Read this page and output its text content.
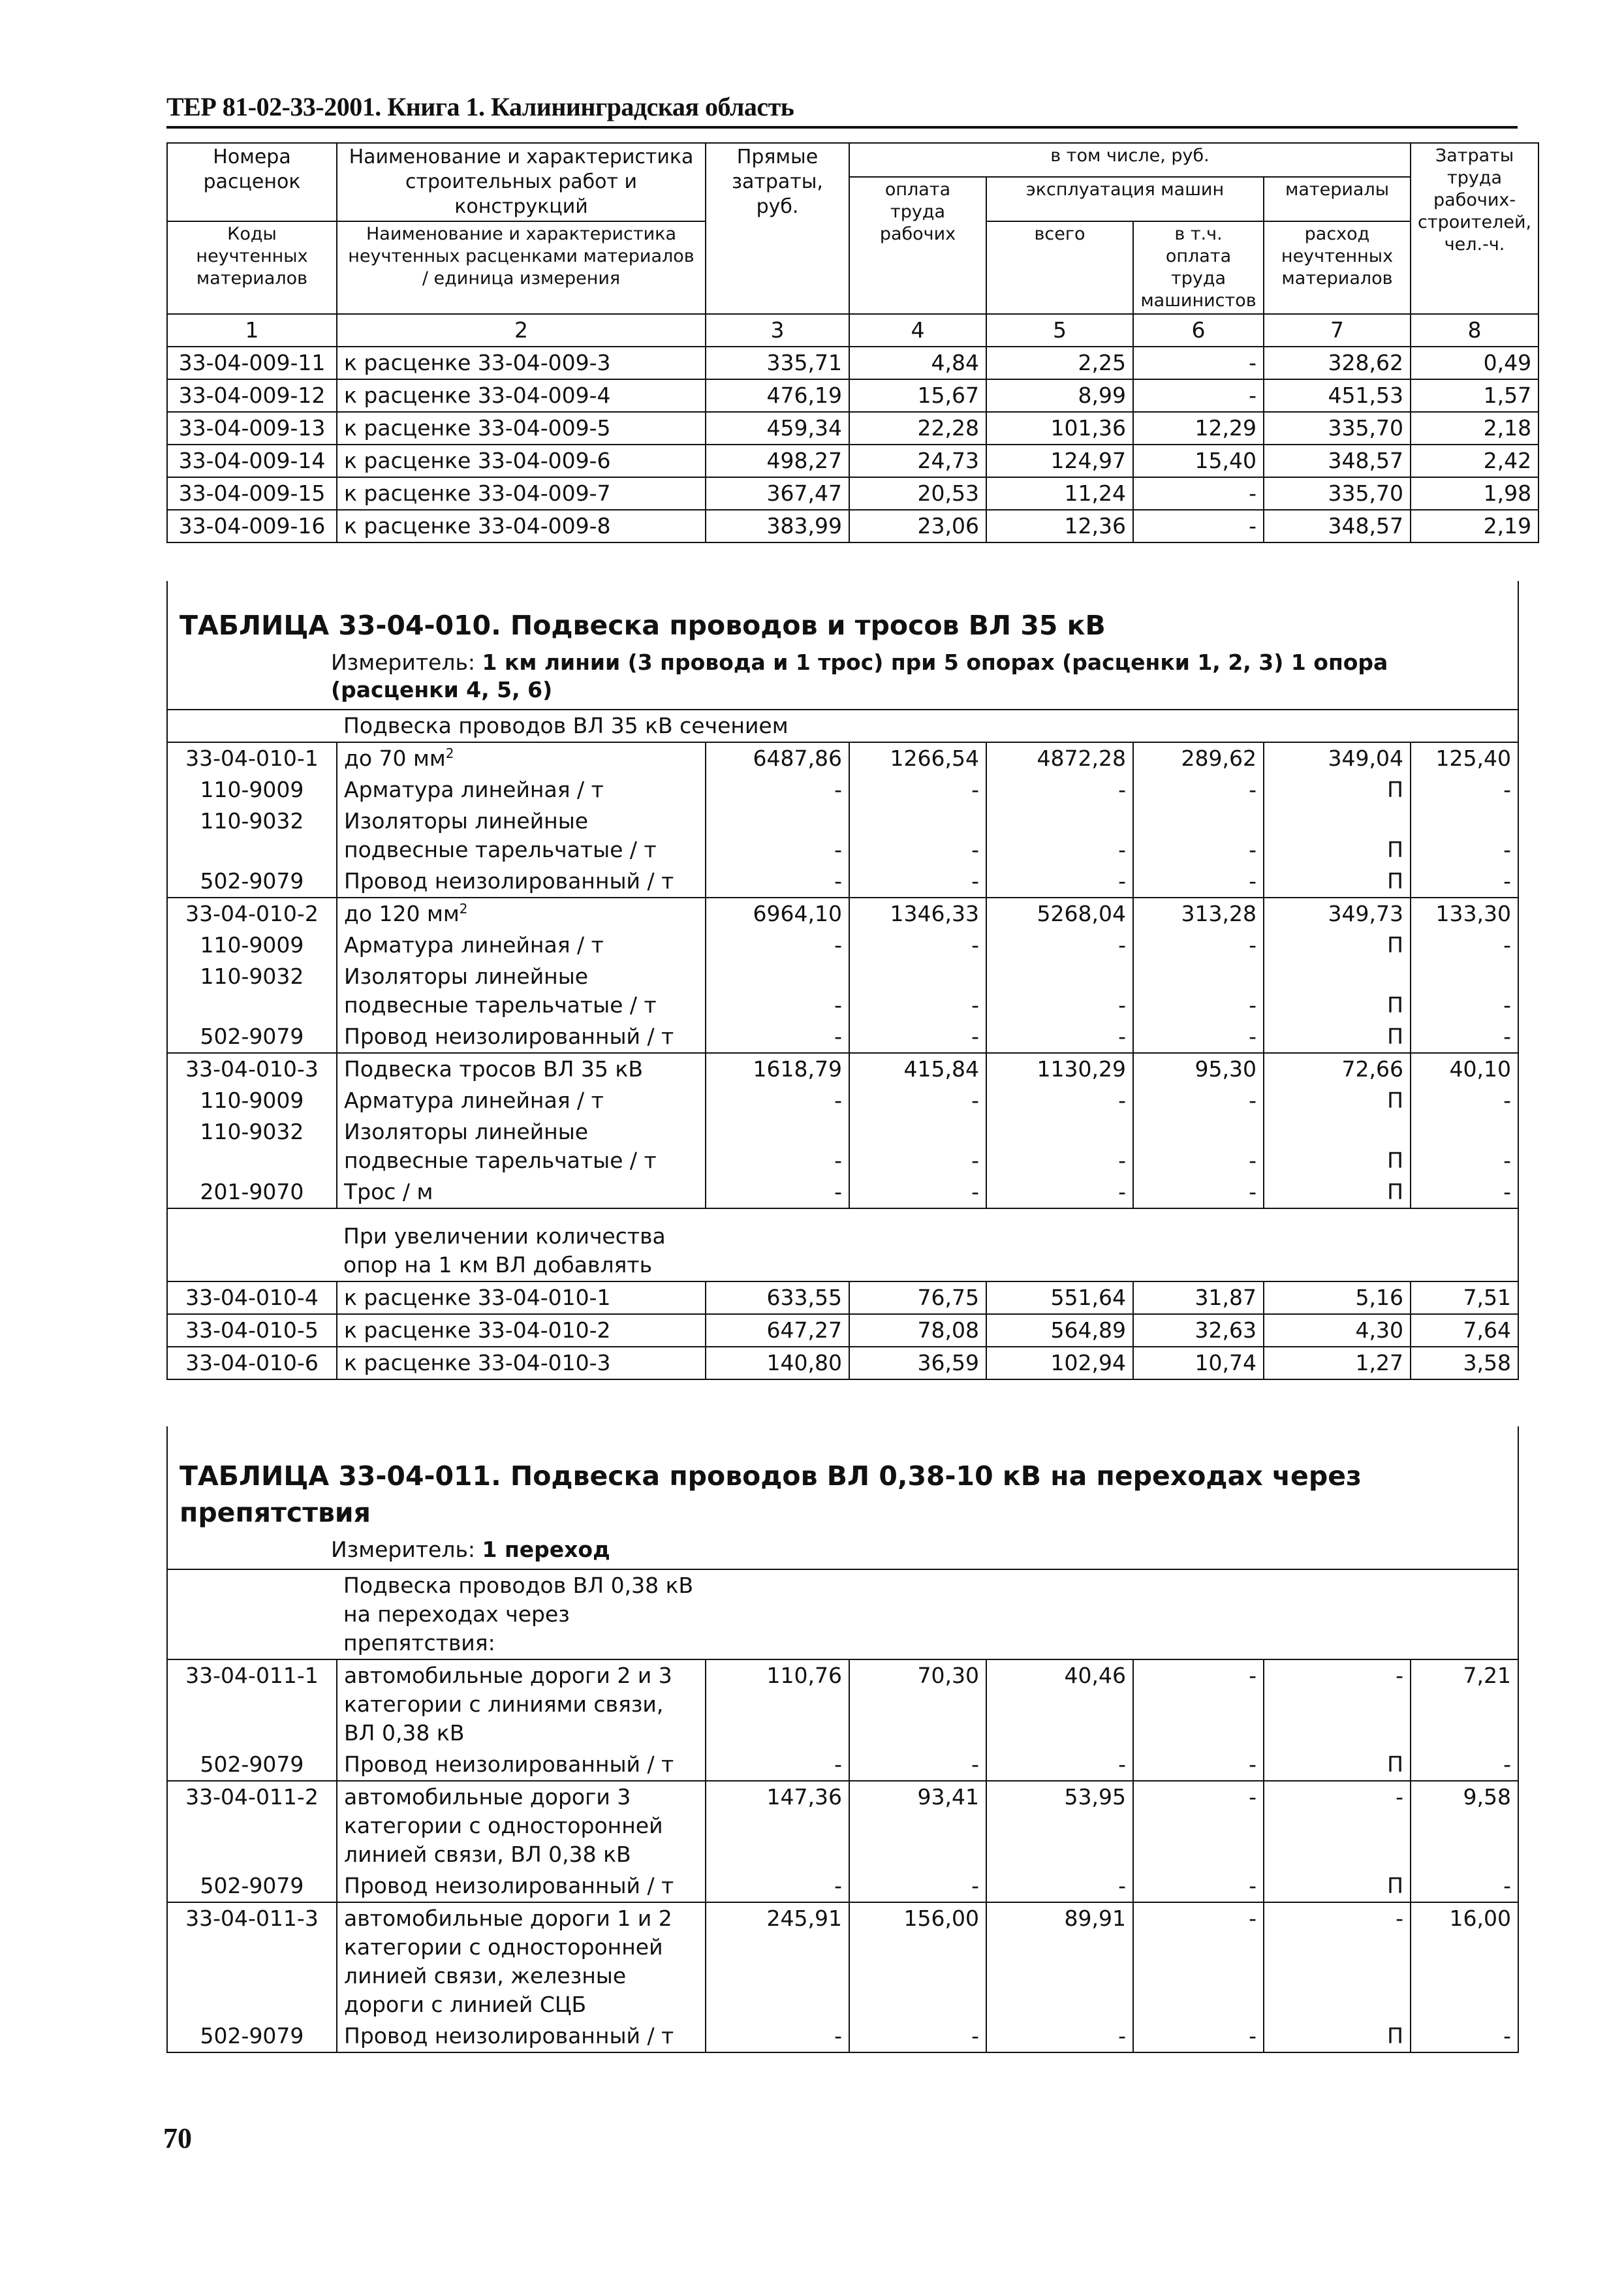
ТЕР 81-02-33-2001. Книга 1. Калининградская область
Номера расценок	Наименование и характеристика строительных работ и конструкций	Прямые затраты, руб.	в том числе, руб.				Затраты труда рабочих-строителей, чел.-ч.
			оплата труда рабочих	эксплуатация машин		материалы	
Коды неучтенных материалов	Наименование и характеристика неучтенных расценками материалов / единица измерения			всего	в т.ч. оплата труда машинистов	расход неучтенных материалов	

1	2	3	4	5	6	7	8
33-04-009-11	к расценке 33-04-009-3	335,71	4,84	2,25	-	328,62	0,49
33-04-009-12	к расценке 33-04-009-4	476,19	15,67	8,99	-	451,53	1,57
33-04-009-13	к расценке 33-04-009-5	459,34	22,28	101,36	12,29	335,70	2,18
33-04-009-14	к расценке 33-04-009-6	498,27	24,73	124,97	15,40	348,57	2,42
33-04-009-15	к расценке 33-04-009-7	367,47	20,53	11,24	-	335,70	1,98
33-04-009-16	к расценке 33-04-009-8	383,99	23,06	12,36	-	348,57	2,19
ТАБЛИЦА 33-04-010. Подвеска проводов и тросов ВЛ 35 кВ
Измеритель: 1 км линии (3 провода и 1 трос) при 5 опорах (расценки 1, 2, 3) 1 опора (расценки 4, 5, 6)							

	Подвеска проводов ВЛ 35 кВ сечением						
33-04-010-1	до 70 $мм^2$	6487,86	1266,54	4872,28	289,62	349,04	125,40
110-9009	Арматура линейная / т	-	-	-	-	П	-
110-9032	Изоляторы линейные подвесные тарельчатые / т	-	-	-	-	П	-
502-9079	Провод неизолированный / т	-	-	-	-	П	-
33-04-010-2	до 120 $мм^2$	6964,10	1346,33	5268,04	313,28	349,73	133,30
110-9009	Арматура линейная / т	-	-	-	-	П	-
110-9032	Изоляторы линейные подвесные тарельчатые / т	-	-	-	-	П	-
502-9079	Провод неизолированный / т	-	-	-	-	П	-
33-04-010-3	Подвеска тросов ВЛ 35 кВ	1618,79	415,84	1130,29	95,30	72,66	40,10
110-9009	Арматура линейная / т	-	-	-	-	П	-
110-9032	Изоляторы линейные подвесные тарельчатые / т	-	-	-	-	П	-
201-9070	Трос / м	-	-	-	-	П	-
	При увеличении количества опор на 1 км ВЛ добавлять						
33-04-010-4	к расценке 33-04-010-1	633,55	76,75	551,64	31,87	5,16	7,51
33-04-010-5	к расценке 33-04-010-2	647,27	78,08	564,89	32,63	4,30	7,64
33-04-010-6	к расценке 33-04-010-3	140,80	36,59	102,94	10,74	1,27	3,58
ТАБЛИЦА 33-04-011. Подвеска проводов ВЛ 0,38-10 кВ на переходах через препятствия
Измеритель: 1 переход							

	Подвеска проводов ВЛ 0,38 кВ на переходах через препятствия:						
33-04-011-1	автомобильные дороги 2 и 3 категории с линиями связи, ВЛ 0,38 кВ	110,76	70,30	40,46	-	-	7,21
502-9079	Провод неизолированный / т	-	-	-	-	П	-
33-04-011-2	автомобильные дороги 3 категории с односторонней линией связи, ВЛ 0,38 кВ	147,36	93,41	53,95	-	-	9,58
502-9079	Провод неизолированный / т	-	-	-	-	П	-
33-04-011-3	автомобильные дороги 1 и 2 категории с односторонней линией связи, железные дороги с линией СЦБ	245,91	156,00	89,91	-	-	16,00
502-9079	Провод неизолированный / т	-	-	-	-	П	-
70
